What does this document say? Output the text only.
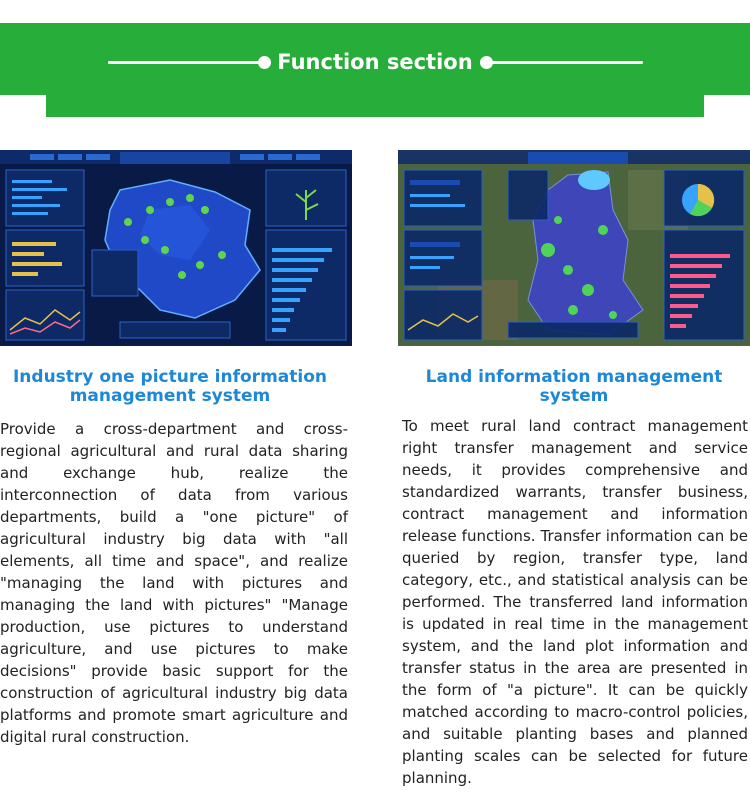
Function section
Industry one picture information management system
Provide a cross-department and cross-regional agricultural and rural data sharing and exchange hub, realize the interconnection of data from various departments, build a "one picture" of agricultural industry big data with "all elements, all time and space", and realize "managing the land with pictures and managing the land with pictures" "Manage production, use pictures to understand agriculture, and use pictures to make decisions" provide basic support for the construction of agricultural industry big data platforms and promote smart agriculture and digital rural construction.
Land information management system
To meet rural land contract management right transfer management and service needs, it provides comprehensive and standardized warrants, transfer business, contract management and information release functions. Transfer information can be queried by region, transfer type, land category, etc., and statistical analysis can be performed. The transferred land information is updated in real time in the management system, and the land plot information and transfer status in the area are presented in the form of "a picture". It can be quickly matched according to macro-control policies, and suitable planting bases and planned planting scales can be selected for future planning.
